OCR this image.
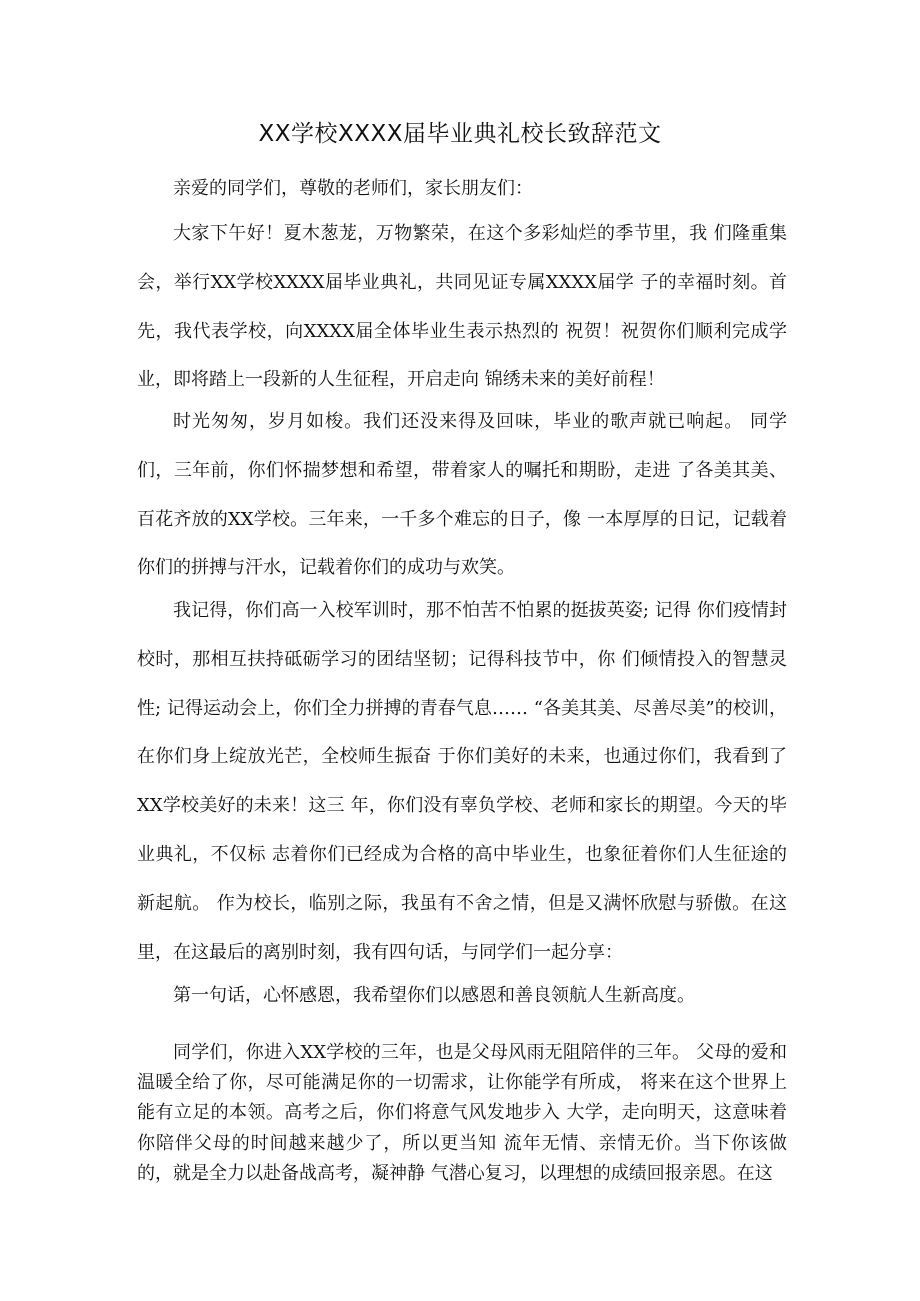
XX学校XXXX届毕业典礼校长致辞范文

亲爱的同学们，尊敬的老师们，家长朋友们：

大家下午好！夏木葱茏，万物繁荣，在这个多彩灿烂的季节里，我 们隆重集会，举行XX学校XXXX届毕业典礼，共同见证专属XXXX届学 子的幸福时刻。首先，我代表学校，向XXXX届全体毕业生表示热烈的 祝贺！祝贺你们顺利完成学业，即将踏上一段新的人生征程，开启走向 锦绣未来的美好前程！

时光匆匆，岁月如梭。我们还没来得及回味，毕业的歌声就已响起。 同学们，三年前，你们怀揣梦想和希望，带着家人的嘱托和期盼，走进 了各美其美、百花齐放的XX学校。三年来，一千多个难忘的日子，像 一本厚厚的日记，记载着你们的拼搏与汗水，记载着你们的成功与欢笑。

我记得，你们高一入校军训时，那不怕苦不怕累的挺拔英姿; 记得 你们疫情封校时，那相互扶持砥砺学习的团结坚韧；记得科技节中，你 们倾情投入的智慧灵性; 记得运动会上，你们全力拼搏的青春气息…… “各美其美、尽善尽美”的校训，在你们身上绽放光芒，全校师生振奋 于你们美好的未来，也通过你们，我看到了 XX学校美好的未来！这三 年，你们没有辜负学校、老师和家长的期望。今天的毕业典礼，不仅标 志着你们已经成为合格的高中毕业生，也象征着你们人生征途的新起航。 作为校长，临别之际，我虽有不舍之情，但是又满怀欣慰与骄傲。在这 里，在这最后的离别时刻，我有四句话，与同学们一起分享：

第一句话，心怀感恩，我希望你们以感恩和善良领航人生新高度。

同学们，你进入XX学校的三年，也是父母风雨无阻陪伴的三年。 父母的爱和温暖全给了你，尽可能满足你的一切需求，让你能学有所成， 将来在这个世界上能有立足的本领。高考之后，你们将意气风发地步入 大学，走向明天，这意味着你陪伴父母的时间越来越少了，所以更当知 流年无情、亲情无价。当下你该做的，就是全力以赴备战高考，凝神静 气潜心复习，以理想的成绩回报亲恩。在这
